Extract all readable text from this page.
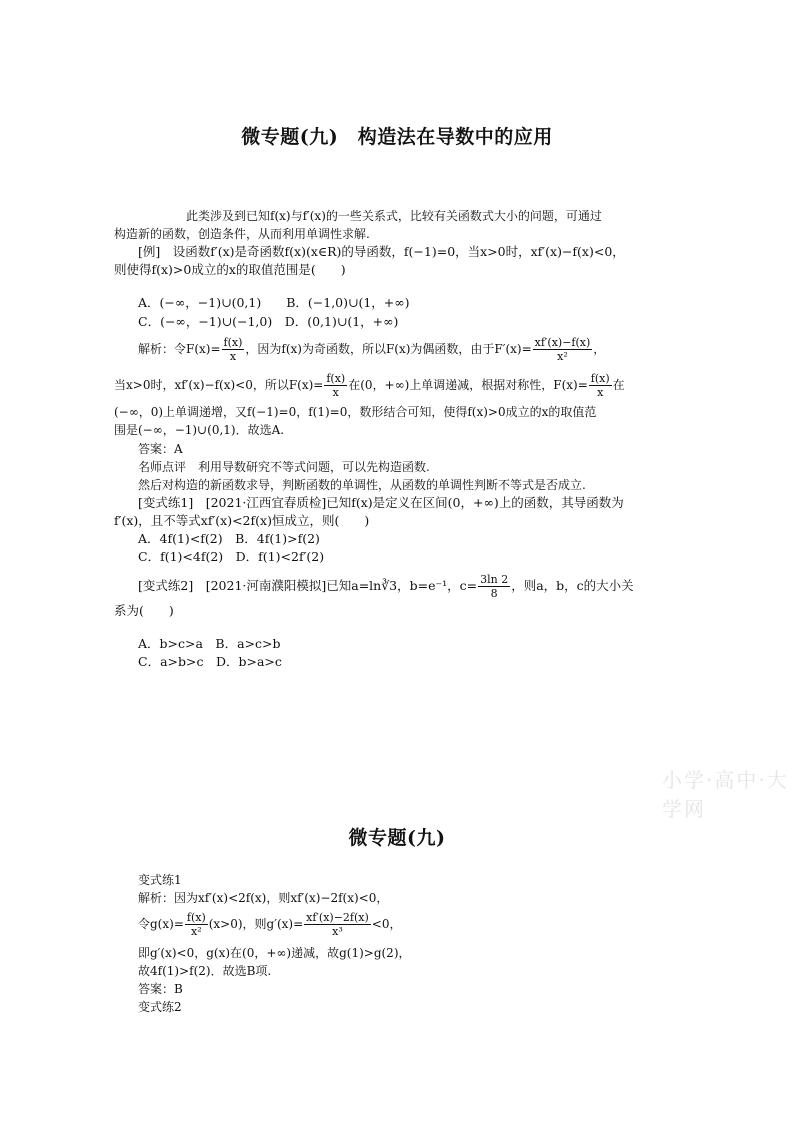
微专题(九)　构造法在导数中的应用
此类涉及到已知f(x)与f′(x)的一些关系式，比较有关函数式大小的问题，可通过
构造新的函数，创造条件，从而利用单调性求解.
[例]　设函数f′(x)是奇函数f(x)(x∈R)的导函数，f(−1)=0，当x>0时，xf′(x)−f(x)<0，
则使得f(x)>0成立的x的取值范围是(　　)
A．(−∞，−1)∪(0,1)　　B．(−1,0)∪(1，+∞)
C．(−∞，−1)∪(−1,0)　D．(0,1)∪(1，+∞)
解析：令$F(x)= \frac{f(x)}{x}$ ，因为f(x)为奇函数，所以F(x)为偶函数，由于$F'(x)= \frac{xf'(x)-f(x)}{\text{x²}}$ ，
当x>0时，xf′(x)−f(x)<0，所以$F(x)= \frac{f(x)}{x}$ 在(0，+∞)上单调递减，根据对称性，$F(x)= \frac{f(x)}{x}$ 在
(−∞，0)上单调递增，又f(−1)=0，f(1)=0，数形结合可知，使得f(x)>0成立的x的取值范
围是(−∞，−1)∪(0,1)．故选A.
答案：A
名师点评　利用导数研究不等式问题，可以先构造函数.
然后对构造的新函数求导，判断函数的单调性，从函数的单调性判断不等式是否成立.
[变式练1]　[2021·江西宜春质检]已知f(x)是定义在区间(0，+∞)上的函数，其导函数为
f′(x)，且不等式xf′(x)<2f(x)恒成立，则(　　)
A．4f(1)<f(2)　B．4f(1)>f(2)
C．f(1)<4f(2)　D．f(1)<2f′(2)
[变式练2]　[2021·河南濮阳模拟]已知a=ln∛3，b=e⁻¹，$c= \frac{3\ln 2}{8}$ ，则a，b，c的大小关
系为(　　)
A．b>c>a　B．a>c>b
C．a>b>c　D．b>a>c
小学·高中·大学网
微专题(九)
变式练1
解析：因为xf′(x)<2f(x)，则xf′(x)−2f(x)<0，
令$g(x)= \frac{f(x)}{\text{x²}} (x>0)$，则$g'(x)= \frac{xf'(x)-2f(x)}{\text{x³}} <0$，
即g′(x)<0，g(x)在(0，+∞)递减，故g(1)>g(2)，
故4f(1)>f(2)．故选B项.
答案：B
变式练2
